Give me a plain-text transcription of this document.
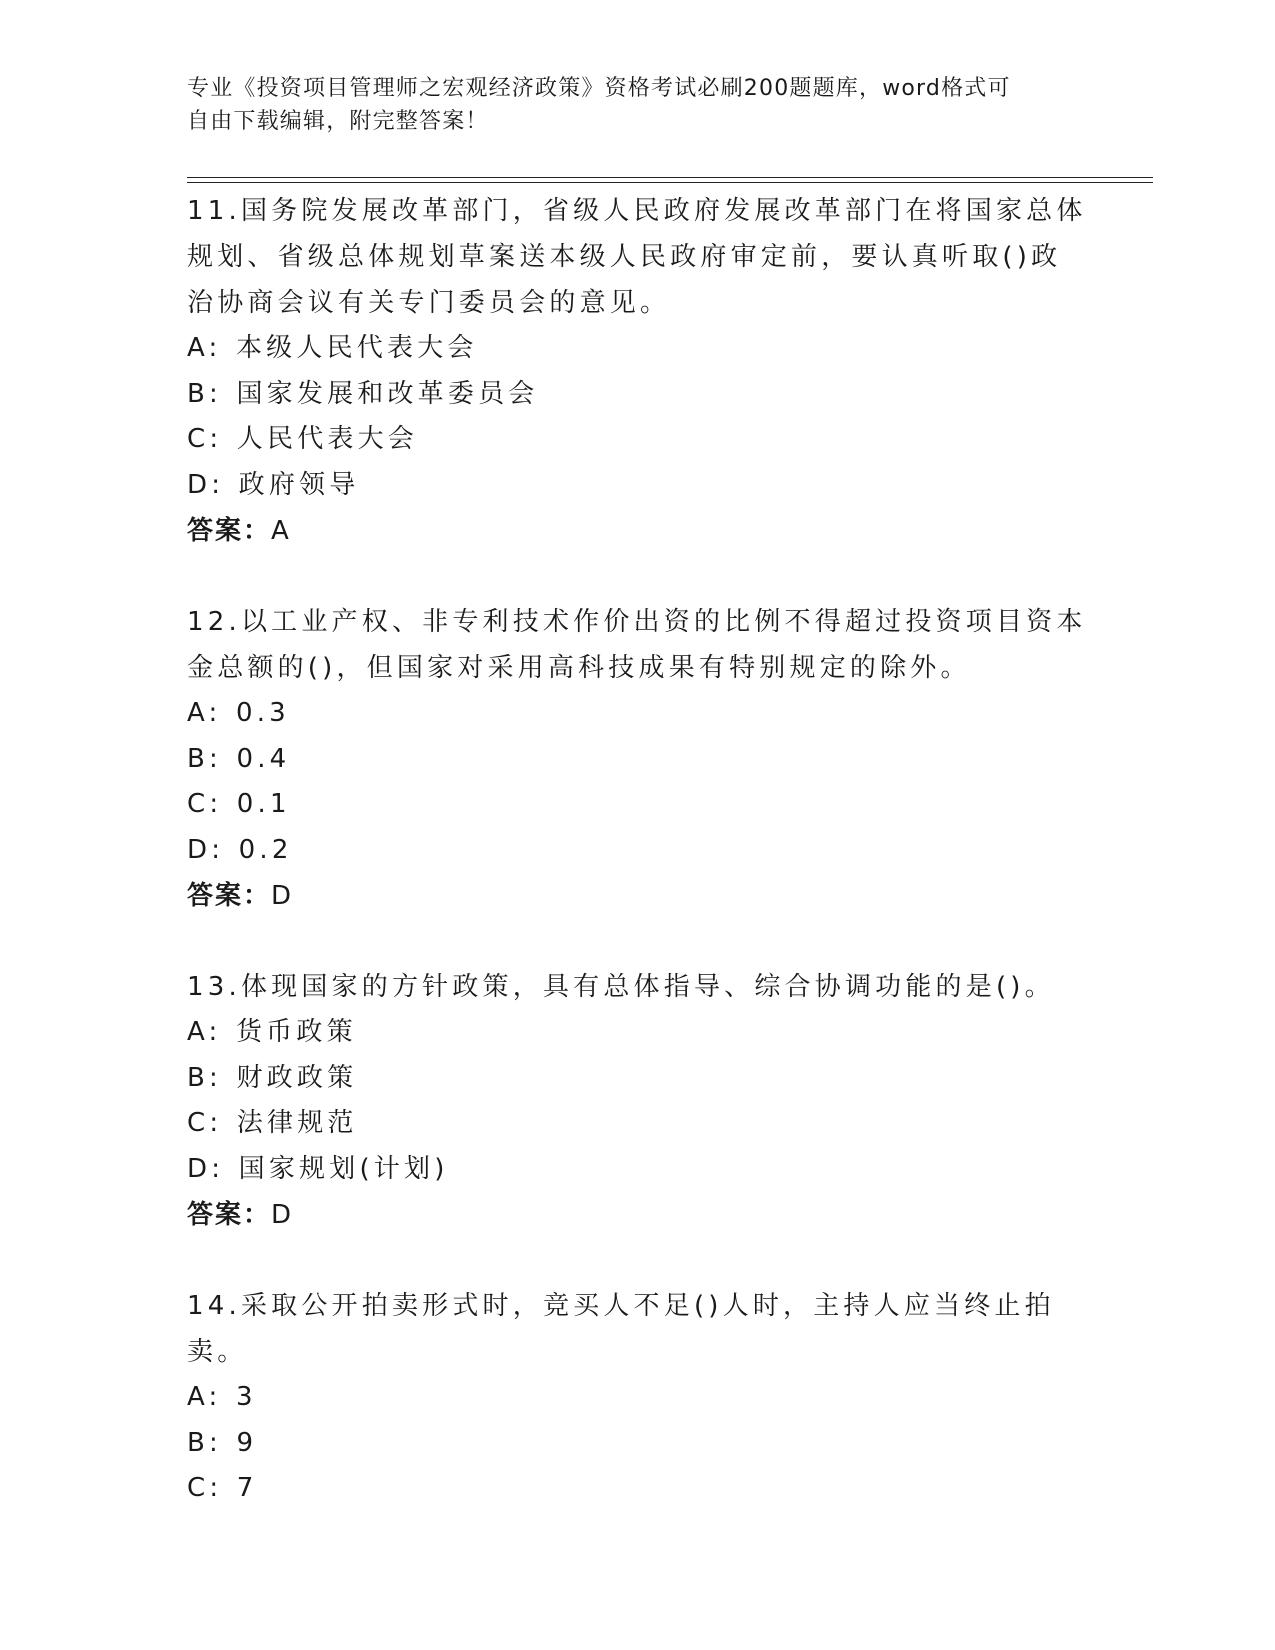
专业《投资项目管理师之宏观经济政策》资格考试必刷200题题库，word格式可
自由下载编辑，附完整答案！

11.国务院发展改革部门，省级人民政府发展改革部门在将国家总体规划、省级总体规划草案送本级人民政府审定前，要认真听取()政治协商会议有关专门委员会的意见。

A: 本级人民代表大会

B: 国家发展和改革委员会

C: 人民代表大会

D: 政府领导

答案：A

12.以工业产权、非专利技术作价出资的比例不得超过投资项目资本金总额的()，但国家对采用高科技成果有特别规定的除外。

A: 0.3

B: 0.4

C: 0.1

D: 0.2

答案：D

13.体现国家的方针政策，具有总体指导、综合协调功能的是()。

A: 货币政策

B: 财政政策

C: 法律规范

D: 国家规划(计划)

答案：D

14.采取公开拍卖形式时，竞买人不足()人时，主持人应当终止拍卖。

A: 3

B: 9

C: 7
